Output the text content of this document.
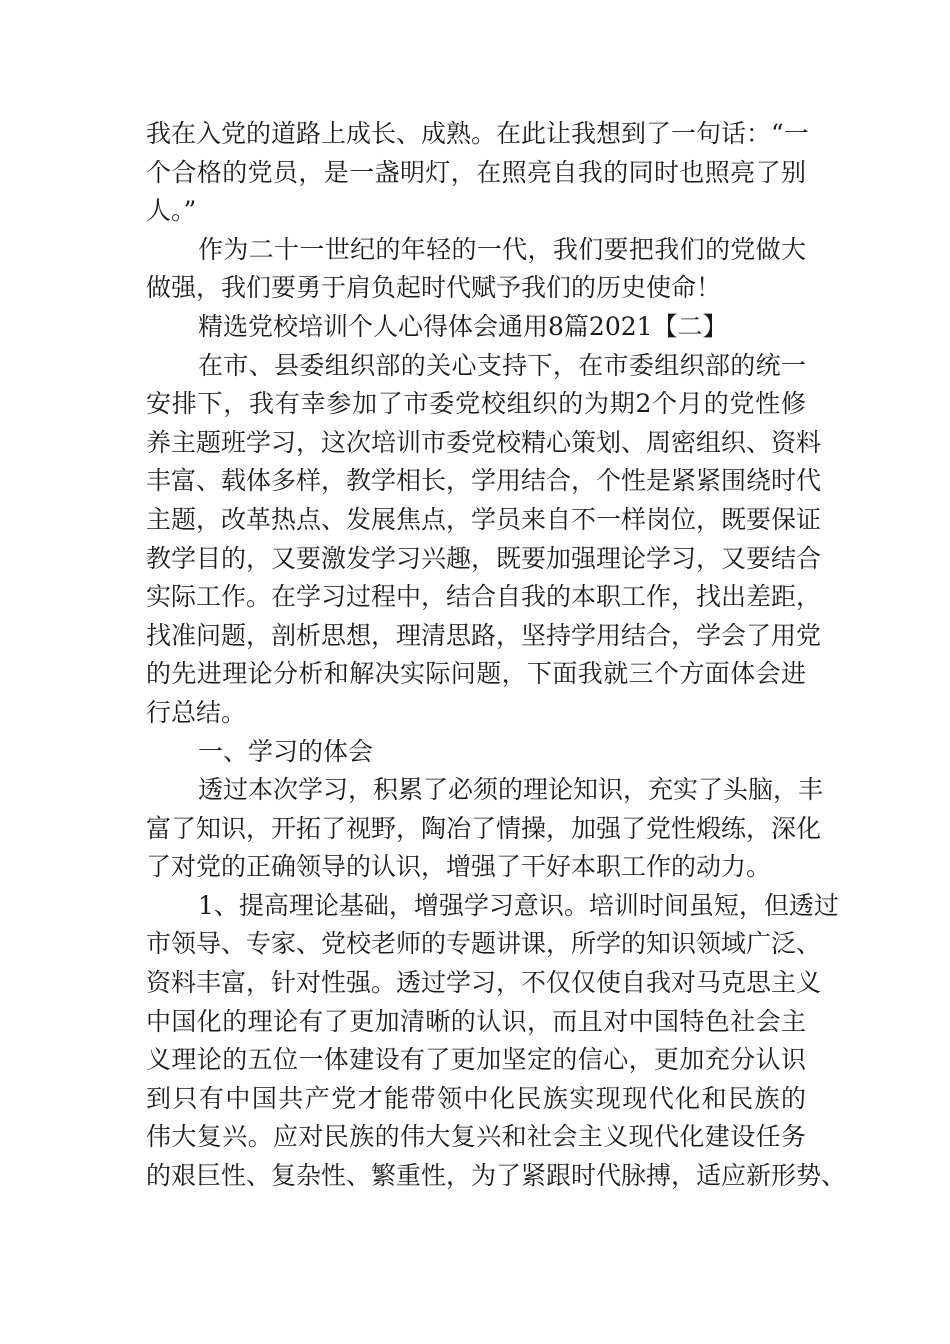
我在入党的道路上成长、成熟。在此让我想到了一句话：“一
个合格的党员，是一盏明灯，在照亮自我的同时也照亮了别
人。”
作为二十一世纪的年轻的一代，我们要把我们的党做大
做强，我们要勇于肩负起时代赋予我们的历史使命！
精选党校培训个人心得体会通用8篇2021【二】
在市、县委组织部的关心支持下，在市委组织部的统一
安排下，我有幸参加了市委党校组织的为期2个月的党性修
养主题班学习，这次培训市委党校精心策划、周密组织、资料
丰富、载体多样，教学相长，学用结合，个性是紧紧围绕时代
主题，改革热点、发展焦点，学员来自不一样岗位，既要保证
教学目的，又要激发学习兴趣，既要加强理论学习，又要结合
实际工作。在学习过程中，结合自我的本职工作，找出差距，
找准问题，剖析思想，理清思路，坚持学用结合，学会了用党
的先进理论分析和解决实际问题，下面我就三个方面体会进
行总结。
一、学习的体会
透过本次学习，积累了必须的理论知识，充实了头脑，丰
富了知识，开拓了视野，陶冶了情操，加强了党性煅练，深化
了对党的正确领导的认识，增强了干好本职工作的动力。
1、提高理论基础，增强学习意识。培训时间虽短，但透过
市领导、专家、党校老师的专题讲课，所学的知识领域广泛、
资料丰富，针对性强。透过学习，不仅仅使自我对马克思主义
中国化的理论有了更加清晰的认识，而且对中国特色社会主
义理论的五位一体建设有了更加坚定的信心，更加充分认识
到只有中国共产党才能带领中化民族实现现代化和民族的
伟大复兴。应对民族的伟大复兴和社会主义现代化建设任务
的艰巨性、复杂性、繁重性，为了紧跟时代脉搏，适应新形势、
